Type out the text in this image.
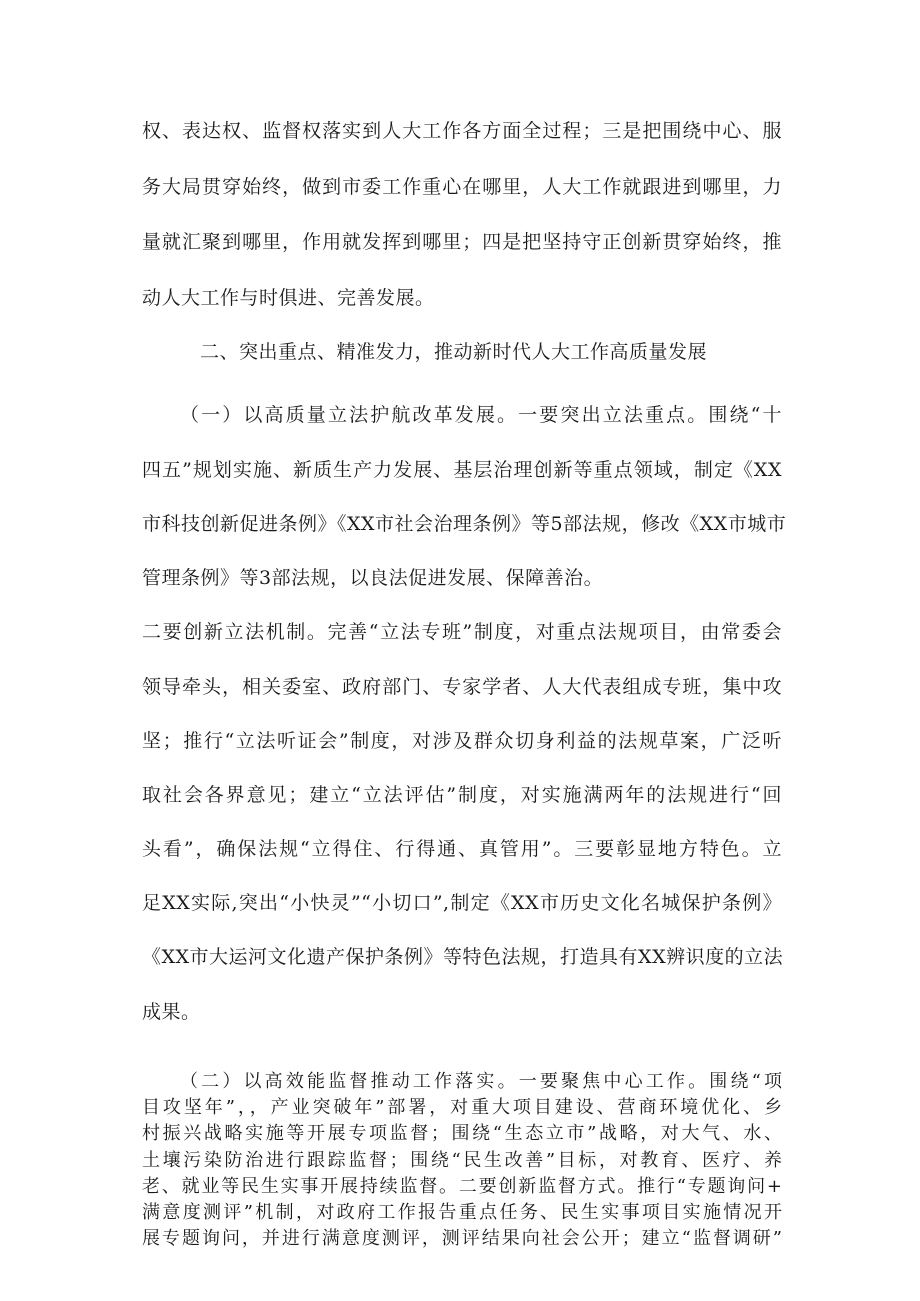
权、表达权、监督权落实到人大工作各方面全过程；三是把围绕中心、服

务大局贯穿始终，做到市委工作重心在哪里，人大工作就跟进到哪里，力

量就汇聚到哪里，作用就发挥到哪里；四是把坚持守正创新贯穿始终，推

动人大工作与时俱进、完善发展。

二、突出重点、精准发力，推动新时代人大工作高质量发展

（一）以高质量立法护航改革发展。一要突出立法重点。围绕“十

四五”规划实施、新质生产力发展、基层治理创新等重点领域，制定《XX

市科技创新促进条例》《XX市社会治理条例》等5部法规，修改《XX市城市

管理条例》等3部法规，以良法促进发展、保障善治。

二要创新立法机制。完善“立法专班”制度，对重点法规项目，由常委会

领导牵头，相关委室、政府部门、专家学者、人大代表组成专班，集中攻

坚；推行“立法听证会”制度，对涉及群众切身利益的法规草案，广泛听

取社会各界意见；建立“立法评估”制度，对实施满两年的法规进行“回

头看”，确保法规“立得住、行得通、真管用”。三要彰显地方特色。立

足XX实际,突出“小快灵”“小切口”,制定《XX市历史文化名城保护条例》

《XX市大运河文化遗产保护条例》等特色法规，打造具有XX辨识度的立法

成果。

（二）以高效能监督推动工作落实。一要聚焦中心工作。围绕“项

目攻坚年”，，产业突破年”部署，对重大项目建设、营商环境优化、乡

村振兴战略实施等开展专项监督；围绕“生态立市”战略，对大气、水、

土壤污染防治进行跟踪监督；围绕“民生改善”目标，对教育、医疗、养

老、就业等民生实事开展持续监督。二要创新监督方式。推行“专题询问+

满意度测评”机制，对政府工作报告重点任务、民生实事项目实施情况开

展专题询问，并进行满意度测评，测评结果向社会公开；建立“监督调研”
